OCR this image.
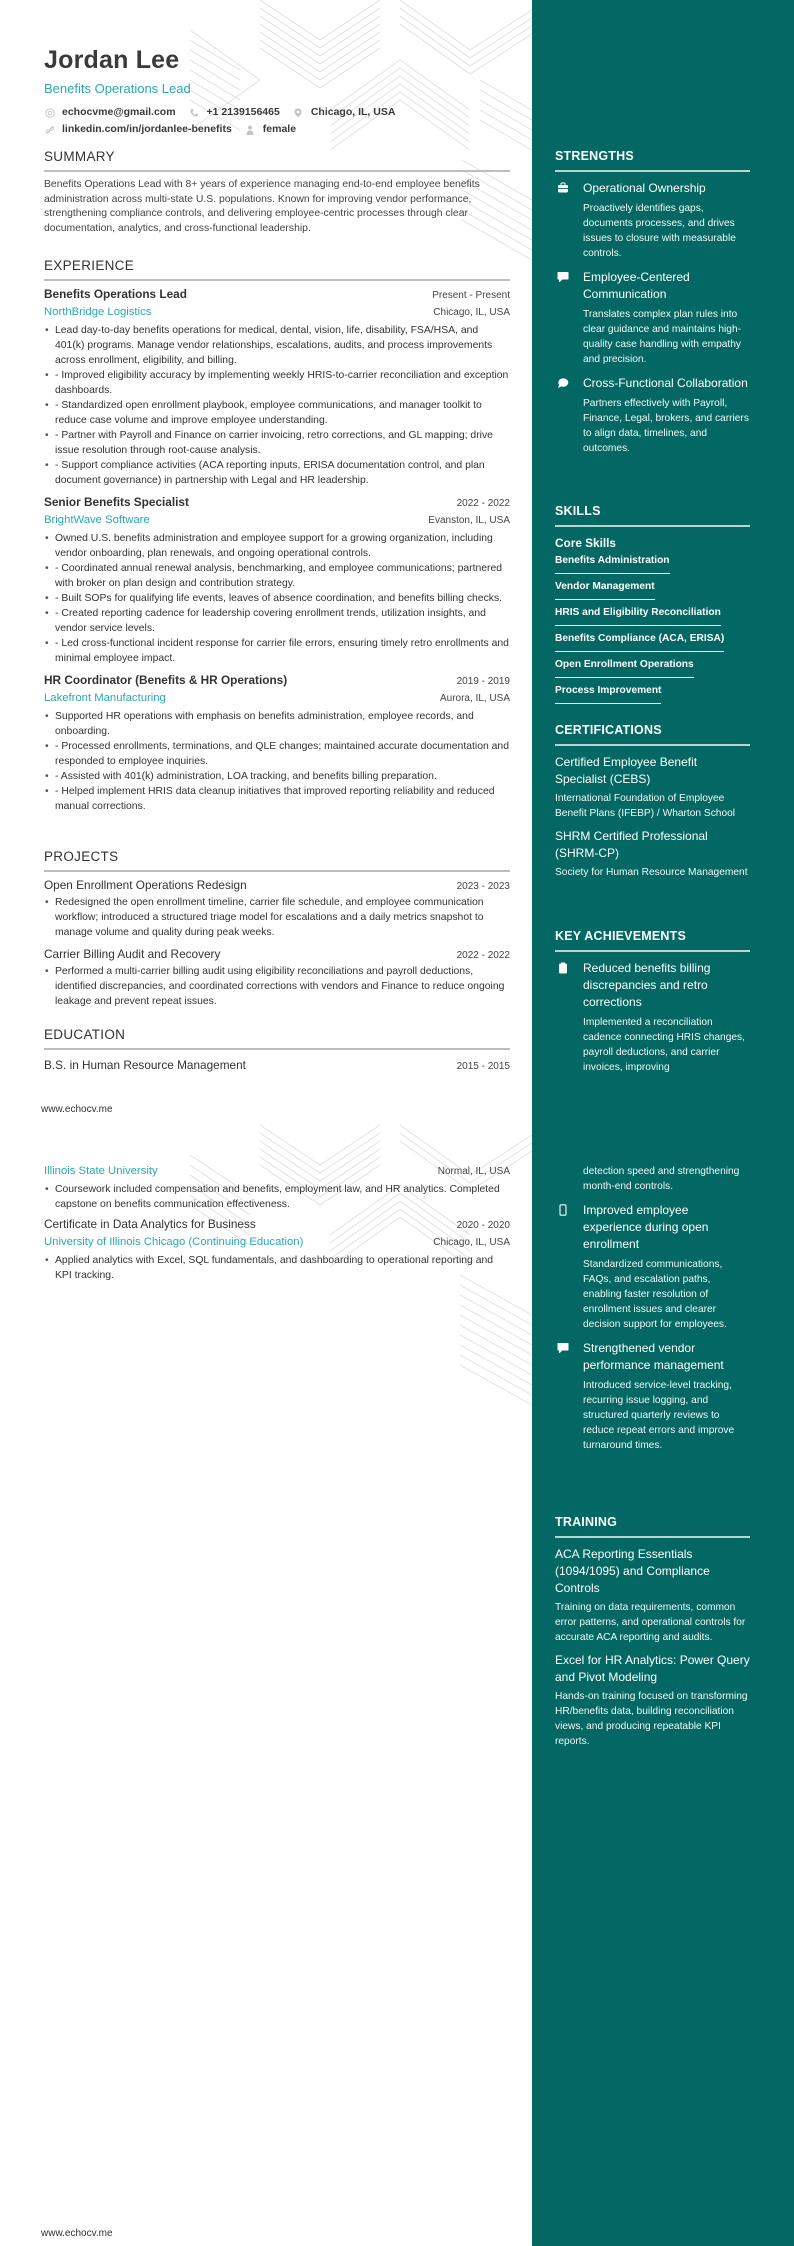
Jordan Lee
Benefits Operations Lead
echocvme@gmail.com	+1 2139156465	Chicago, IL, USA
linkedin.com/in/jordanlee-benefits	female
SUMMARY
Benefits Operations Lead with 8+ years of experience managing end-to-end employee benefits administration across multi-state U.S. populations. Known for improving vendor performance, strengthening compliance controls, and delivering employee-centric processes through clear documentation, analytics, and cross-functional leadership.
EXPERIENCE
Benefits Operations Lead	Present - Present
NorthBridge Logistics	Chicago, IL, USA
• Lead day-to-day benefits operations for medical, dental, vision, life, disability, FSA/HSA, and 401(k) programs. Manage vendor relationships, escalations, audits, and process improvements across enrollment, eligibility, and billing.
• - Improved eligibility accuracy by implementing weekly HRIS-to-carrier reconciliation and exception dashboards.
• - Standardized open enrollment playbook, employee communications, and manager toolkit to reduce case volume and improve employee understanding.
• - Partner with Payroll and Finance on carrier invoicing, retro corrections, and GL mapping; drive issue resolution through root-cause analysis.
• - Support compliance activities (ACA reporting inputs, ERISA documentation control, and plan document governance) in partnership with Legal and HR leadership.
Senior Benefits Specialist	2022 - 2022
BrightWave Software	Evanston, IL, USA
• Owned U.S. benefits administration and employee support for a growing organization, including vendor onboarding, plan renewals, and ongoing operational controls.
• - Coordinated annual renewal analysis, benchmarking, and employee communications; partnered with broker on plan design and contribution strategy.
• - Built SOPs for qualifying life events, leaves of absence coordination, and benefits billing checks.
• - Created reporting cadence for leadership covering enrollment trends, utilization insights, and vendor service levels.
• - Led cross-functional incident response for carrier file errors, ensuring timely retro enrollments and minimal employee impact.
HR Coordinator (Benefits & HR Operations)	2019 - 2019
Lakefront Manufacturing	Aurora, IL, USA
• Supported HR operations with emphasis on benefits administration, employee records, and onboarding.
• - Processed enrollments, terminations, and QLE changes; maintained accurate documentation and responded to employee inquiries.
• - Assisted with 401(k) administration, LOA tracking, and benefits billing preparation.
• - Helped implement HRIS data cleanup initiatives that improved reporting reliability and reduced manual corrections.
PROJECTS
Open Enrollment Operations Redesign	2023 - 2023
• Redesigned the open enrollment timeline, carrier file schedule, and employee communication workflow; introduced a structured triage model for escalations and a daily metrics snapshot to manage volume and quality during peak weeks.
Carrier Billing Audit and Recovery	2022 - 2022
• Performed a multi-carrier billing audit using eligibility reconciliations and payroll deductions, identified discrepancies, and coordinated corrections with vendors and Finance to reduce ongoing leakage and prevent repeat issues.
EDUCATION
B.S. in Human Resource Management	2015 - 2015
www.echocv.me
Illinois State University	Normal, IL, USA
• Coursework included compensation and benefits, employment law, and HR analytics. Completed capstone on benefits communication effectiveness.
Certificate in Data Analytics for Business	2020 - 2020
University of Illinois Chicago (Continuing Education)	Chicago, IL, USA
• Applied analytics with Excel, SQL fundamentals, and dashboarding to operational reporting and KPI tracking.
www.echocv.me
STRENGTHS
Operational Ownership
Proactively identifies gaps, documents processes, and drives issues to closure with measurable controls.
Employee-Centered Communication
Translates complex plan rules into clear guidance and maintains high-quality case handling with empathy and precision.
Cross-Functional Collaboration
Partners effectively with Payroll, Finance, Legal, brokers, and carriers to align data, timelines, and outcomes.
SKILLS
Core Skills
Benefits Administration
Vendor Management
HRIS and Eligibility Reconciliation
Benefits Compliance (ACA, ERISA)
Open Enrollment Operations
Process Improvement
CERTIFICATIONS
Certified Employee Benefit Specialist (CEBS)
International Foundation of Employee Benefit Plans (IFEBP) / Wharton School
SHRM Certified Professional (SHRM-CP)
Society for Human Resource Management
KEY ACHIEVEMENTS
Reduced benefits billing discrepancies and retro corrections
Implemented a reconciliation cadence connecting HRIS changes, payroll deductions, and carrier invoices, improving
detection speed and strengthening month-end controls.
Improved employee experience during open enrollment
Standardized communications, FAQs, and escalation paths, enabling faster resolution of enrollment issues and clearer decision support for employees.
Strengthened vendor performance management
Introduced service-level tracking, recurring issue logging, and structured quarterly reviews to reduce repeat errors and improve turnaround times.
TRAINING
ACA Reporting Essentials (1094/1095) and Compliance Controls
Training on data requirements, common error patterns, and operational controls for accurate ACA reporting and audits.
Excel for HR Analytics: Power Query and Pivot Modeling
Hands-on training focused on transforming HR/benefits data, building reconciliation views, and producing repeatable KPI reports.
